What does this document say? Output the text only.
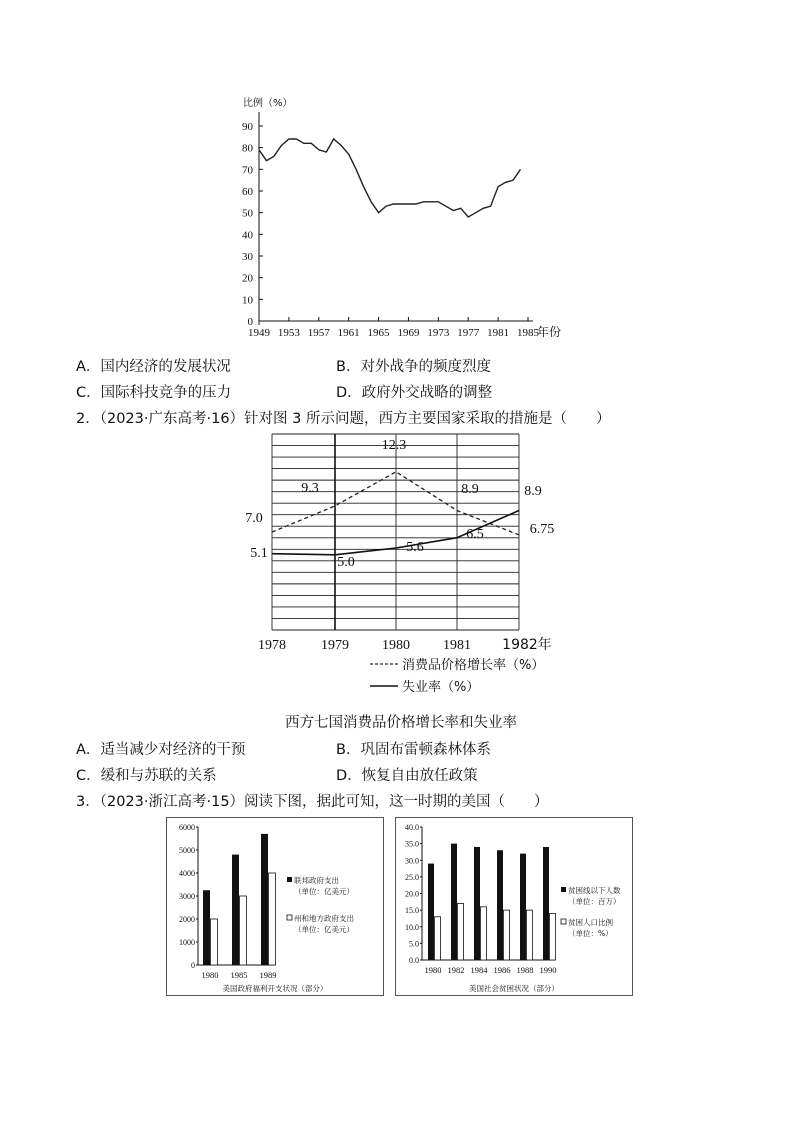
比例（%）
0
10
20
30
40
50
60
70
80
90
1949 1953 1957 1961 1965 1969 1973 1977 1981 1985
年份
A．国内经济的发展状况	B．对外战争的频度烈度
C．国际科技竞争的压力	D．政府外交战略的调整
2．（2023·广东高考·16）针对图 3 所示问题，西方主要国家采取的措施是（　　）
1978	1979 1980 1981 1982年
7.0
9.3
12.3
8.9
6.75
5.1
5.0
5.6
6.5
8.9
消费品价格增长率（%）
失业率（%）
西方七国消费品价格增长率和失业率
A．适当减少对经济的干预	B．巩固布雷顿森林体系
C．缓和与苏联的关系	D．恢复自由放任政策
3．（2023·浙江高考·15）阅读下图，据此可知，这一时期的美国（　　）
6000
5000
4000
3000
2000
1000
0
1980 1985 1989
联邦政府支出
（单位：亿美元）
州和地方政府支出
（单位：亿美元）
美国政府福利开支状况（部分）
40.0
35.0
30.0
25.0
20.0
15.0
10.0
5.0
0.0
1980 1982 1984 1986 1988 1990
贫困线以下人数
（单位：百万）
贫困人口比例
（单位：%）
美国社会贫困状况（部分）
